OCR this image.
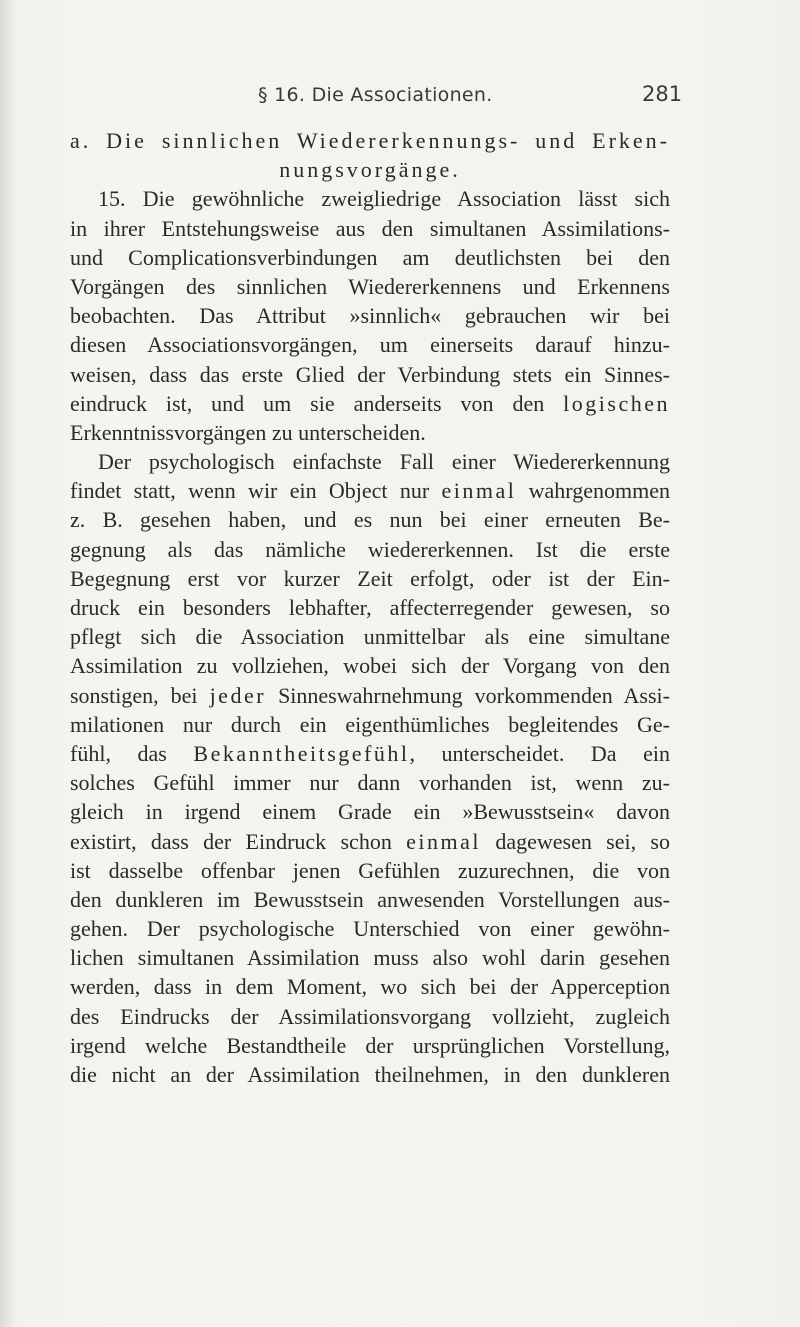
§ 16. Die Associationen.	281
a. Die sinnlichen Wiedererkennungs- und Erken-
nungsvorgänge.
15. Die gewöhnliche zweigliedrige Association lässt sich
in ihrer Entstehungsweise aus den simultanen Assimilations-
und Complicationsverbindungen am deutlichsten bei den
Vorgängen des sinnlichen Wiedererkennens und Erkennens
beobachten. Das Attribut »sinnlich« gebrauchen wir bei
diesen Associationsvorgängen, um einerseits darauf hinzu-
weisen, dass das erste Glied der Verbindung stets ein Sinnes-
eindruck ist, und um sie anderseits von den logischen
Erkenntnissvorgängen zu unterscheiden.
Der psychologisch einfachste Fall einer Wiedererkennung
findet statt, wenn wir ein Object nur einmal wahrgenommen
z. B. gesehen haben, und es nun bei einer erneuten Be-
gegnung als das nämliche wiedererkennen. Ist die erste
Begegnung erst vor kurzer Zeit erfolgt, oder ist der Ein-
druck ein besonders lebhafter, affecterregender gewesen, so
pflegt sich die Association unmittelbar als eine simultane
Assimilation zu vollziehen, wobei sich der Vorgang von den
sonstigen, bei jeder Sinneswahrnehmung vorkommenden Assi-
milationen nur durch ein eigenthümliches begleitendes Ge-
fühl, das Bekanntheitsgefühl, unterscheidet. Da ein
solches Gefühl immer nur dann vorhanden ist, wenn zu-
gleich in irgend einem Grade ein »Bewusstsein« davon
existirt, dass der Eindruck schon einmal dagewesen sei, so
ist dasselbe offenbar jenen Gefühlen zuzurechnen, die von
den dunkleren im Bewusstsein anwesenden Vorstellungen aus-
gehen. Der psychologische Unterschied von einer gewöhn-
lichen simultanen Assimilation muss also wohl darin gesehen
werden, dass in dem Moment, wo sich bei der Apperception
des Eindrucks der Assimilationsvorgang vollzieht, zugleich
irgend welche Bestandtheile der ursprünglichen Vorstellung,
die nicht an der Assimilation theilnehmen, in den dunkleren
